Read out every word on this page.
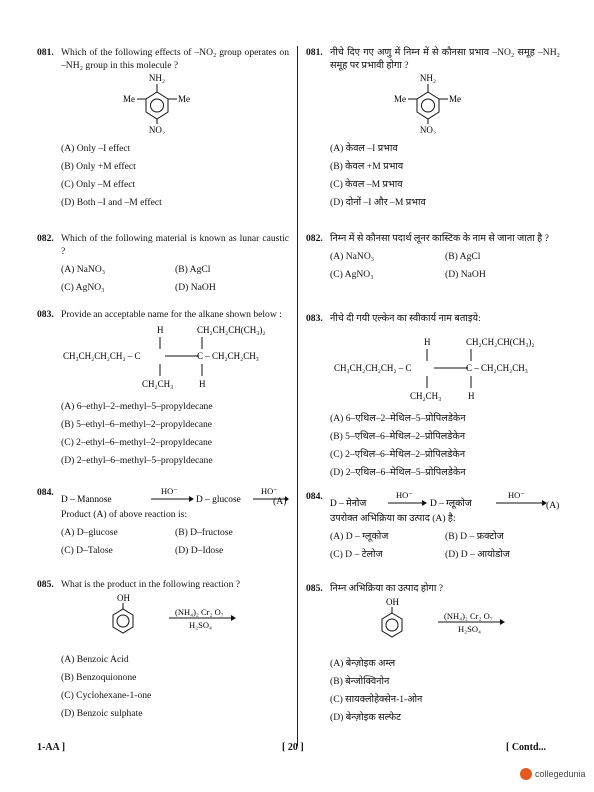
081. Which of the following effects of –NO₂ group operates on –NH₂ group in this molecule ?
NH₂
Me	Me
NO₂
(A) Only –I effect
(B) Only +M effect
(C) Only –M effect
(D) Both –I and –M effect
082. Which of the following material is known as lunar caustic ?
(A) NaNO₃	(B) AgCl
(C) AgNO₃	(D) NaOH
083. Provide an acceptable name for the alkane shown below :
H	CH₂CH₂CH(CH₃)₂
CH₃CH₂CH₂CH₂ – C	C – CH₂CH₂CH₃
CH₂CH₃	H
(A) 6–ethyl–2–methyl–5–propyldecane
(B) 5–ethyl–6–methyl–2–propyldecane
(C) 2–ethyl–6–methyl–2–propyldecane
(D) 2–ethyl–6–methyl–5–propyldecane
084.
D – Mannose
HO⁻
D – glucose
HO⁻
(A)
Product (A) of above reaction is:
(A) D–glucose	(B) D–fructose
(C) D–Talose	(D) D–Idose
085. What is the product in the following reaction ?
OH
(NH₄)₂ Cr₂ O₇
H₂SO₄
(A) Benzoic Acid
(B) Benzoquionone
(C) Cyclohexane-1-one
(D) Benzoic sulphate
081. नीचे दिए गए अणु में निम्न में से कौनसा प्रभाव –NO₂ समूह –NH₂ समूह पर प्रभावी होगा ?
NH₂
Me	Me
NO₂
(A) केवल –I प्रभाव
(B) केवल +M प्रभाव
(C) केवल –M प्रभाव
(D) दोनों –I और –M प्रभाव
082. निम्न में से कौनसा पदार्थ लूनर कास्टिक के नाम से जाना जाता है ?
(A) NaNO₃	(B) AgCl
(C) AgNO₃	(D) NaOH
083. नीचे दी गयी एल्केन का स्वीकार्य नाम बताइये:
H	CH₂CH₂CH(CH₃)₂
CH₃CH₂CH₂CH₂ – C	C – CH₂CH₂CH₃
CH₂CH₃	H
(A) 6–एथिल–2–मेथिल–5–प्रोपिलडेकेन
(B) 5–एथिल–6–मेथिल–2–प्रोपिलडेकेन
(C) 2–एथिल–6–मेथिल–2–प्रोपिलडेकेन
(D) 2–एथिल–6–मेथिल–5–प्रोपिलडेकेन
084.
D – मेनोज
HO⁻
D – ग्लूकोज
HO⁻
(A)
उपरोक्त अभिक्रिया का उत्पाद (A) है:
(A) D – ग्लूकोज	(B) D – फ्रक्टोज
(C) D – टेलोज	(D) D – आयोडोज
085. निम्न अभिक्रिया का उत्पाद होगा ?
OH
(NH₄)₂ Cr₂ O₇
H₂SO₄
(A) बेन्ज़ोइक अम्ल
(B) बेन्जोक्विनोन
(C) सायक्लोहेक्सेन-1-ओन
(D) बेन्ज़ोइक सल्फेट
1-AA ]	[ 20 ]	[ Contd...
collegedunia
